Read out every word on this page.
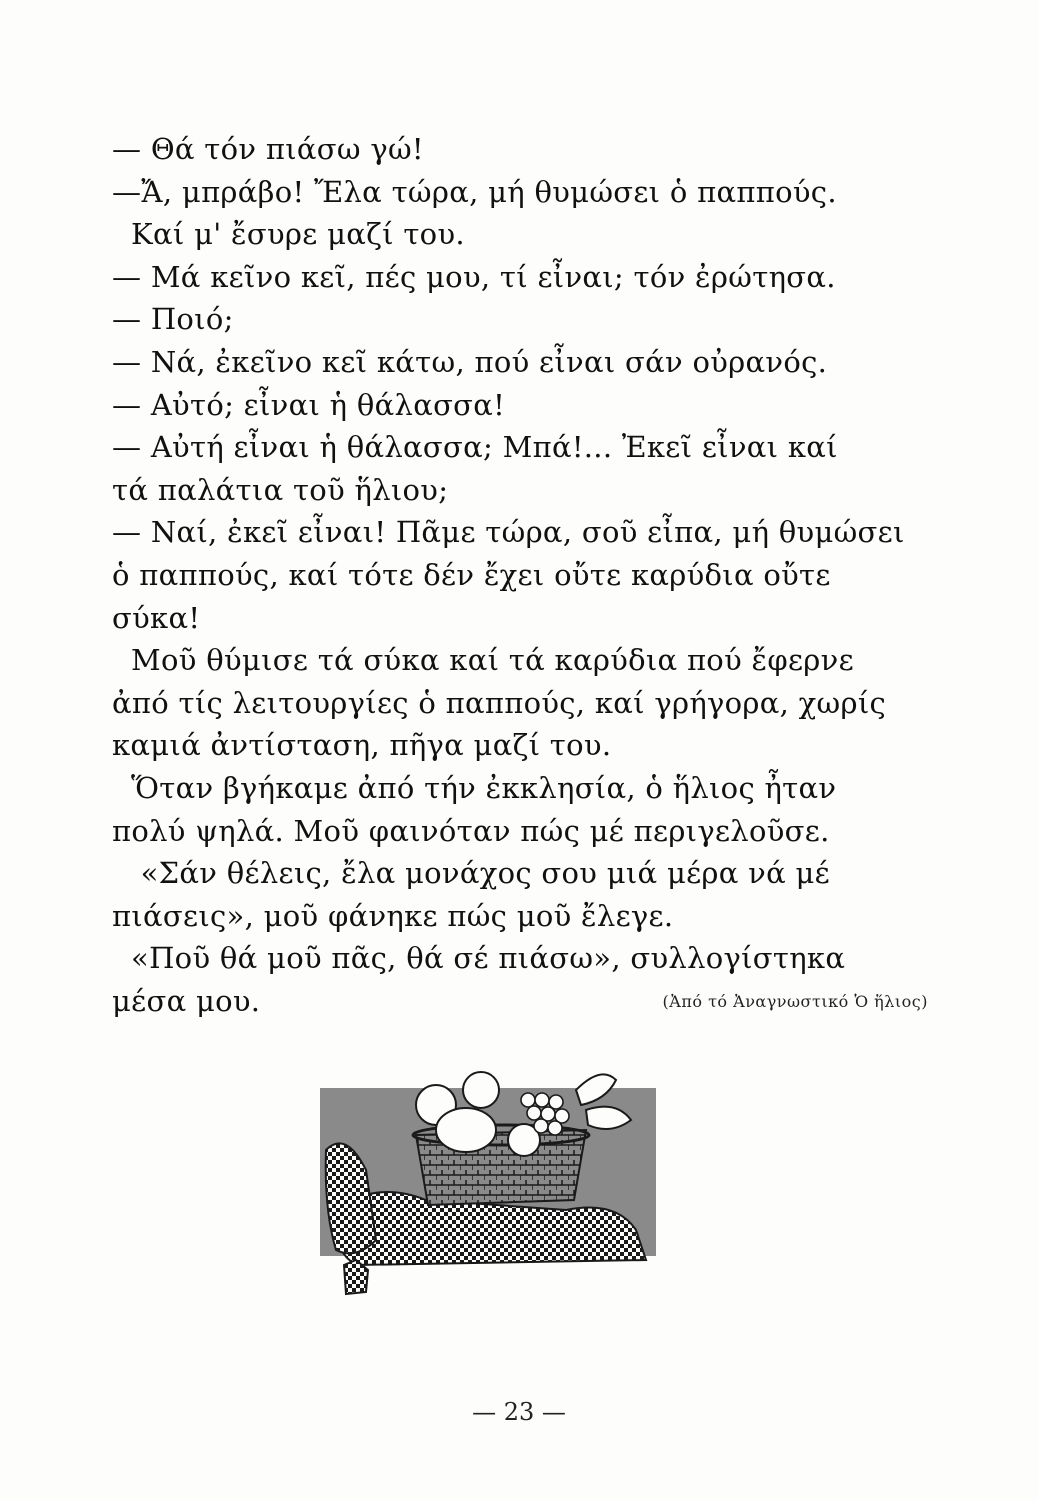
— Θά τόν πιάσω γώ!

—Ἄ, μπράβο! Ἔλα τώρα, μή θυμώσει ὁ παππούς.

Καί μ' ἔσυρε μαζί του.

— Μά κεῖνο κεῖ, πές μου, τί εἶναι; τόν ἐρώτησα.

— Ποιό;

— Νά, ἐκεῖνο κεῖ κάτω, πού εἶναι σάν οὐρανός.

— Αὐτό; εἶναι ἡ θάλασσα!

— Αὐτή εἶναι ἡ θάλασσα; Μπά!... Ἐκεῖ εἶναι καί

τά παλάτια τοῦ ἥλιου;

— Ναί, ἐκεῖ εἶναι! Πᾶμε τώρα, σοῦ εἶπα, μή θυμώσει

ὁ παππούς, καί τότε δέν ἔχει οὔτε καρύδια οὔτε σύκα!

Μοῦ θύμισε τά σύκα καί τά καρύδια πού ἔφερνε

ἀπό τίς λειτουργίες ὁ παππούς, καί γρήγορα, χωρίς

καμιά ἀντίσταση, πῆγα μαζί του.

Ὅταν βγήκαμε ἀπό τήν ἐκκλησία, ὁ ἥλιος ἦταν

πολύ ψηλά. Μοῦ φαινόταν πώς μέ περιγελοῦσε.

«Σάν θέλεις, ἔλα μονάχος σου μιά μέρα νά μέ

πιάσεις», μοῦ φάνηκε πώς μοῦ ἔλεγε.

«Ποῦ θά μοῦ πᾶς, θά σέ πιάσω», συλλογίστηκα

μέσα μου.	(Ἀπό τό Ἀναγνωστικό Ὁ ἥλιος)
— 23 —
